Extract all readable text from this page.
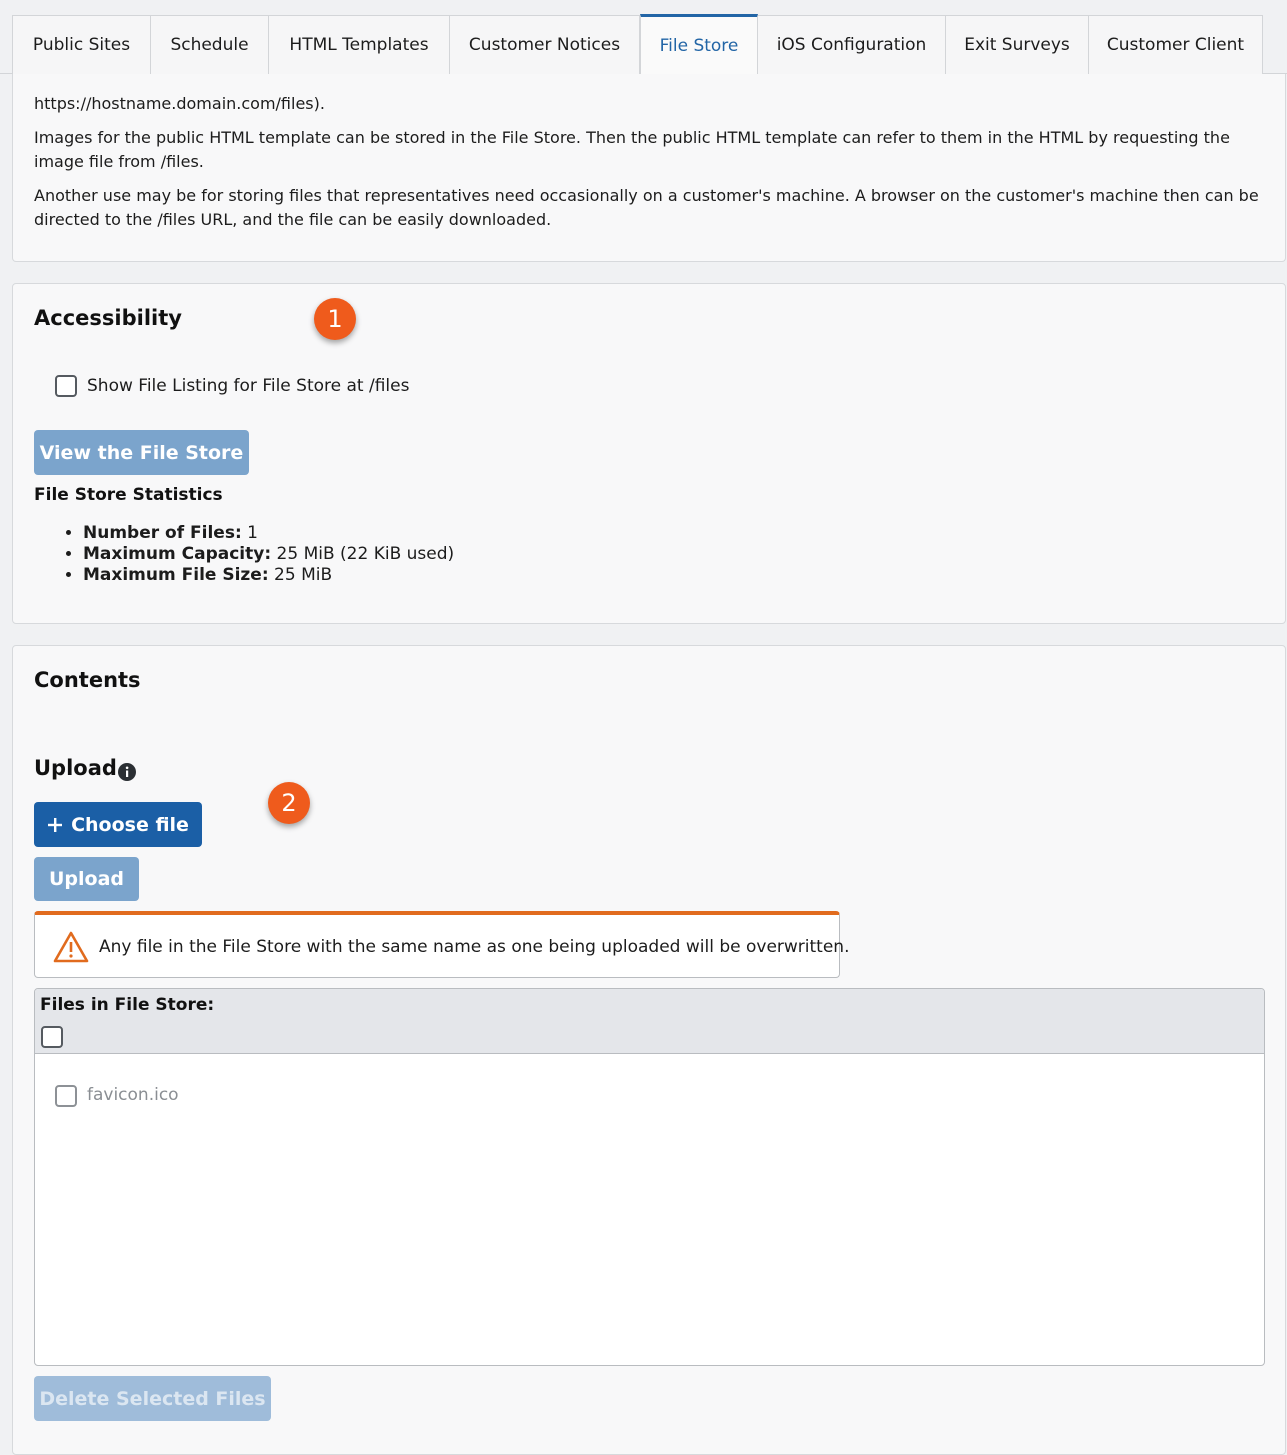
Public Sites	Schedule	HTML Templates	Customer Notices	File Store	iOS Configuration	Exit Surveys	Customer Client

https://hostname.domain.com/files).

Images for the public HTML template can be stored in the File Store. Then the public HTML template can refer to them in the HTML by requesting the image file from /files.

Another use may be for storing files that representatives need occasionally on a customer's machine. A browser on the customer's machine then can be directed to the /files URL, and the file can be easily downloaded.

Accessibility	1
Show File Listing for File Store at /files
View the File Store
File Store Statistics
• Number of Files: 1
• Maximum Capacity: 25 MiB (22 KiB used)
• Maximum File Size: 25 MiB
Contents
Upload
2
Choose file
Upload
Any file in the File Store with the same name as one being uploaded will be overwritten.
Files in File Store:
favicon.ico
Delete Selected Files
